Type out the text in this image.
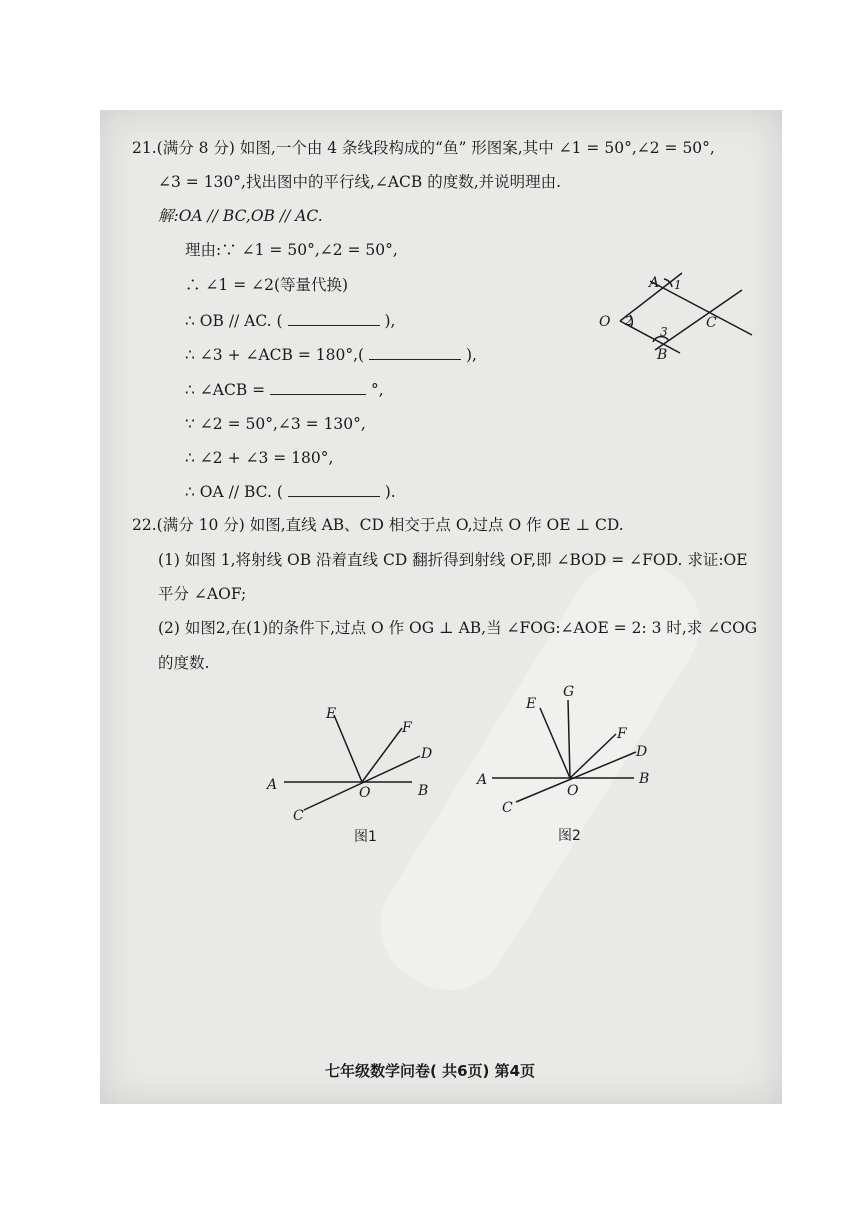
21.(满分 8 分) 如图,一个由 4 条线段构成的“鱼” 形图案,其中 ∠1 = 50°,∠2 = 50°,
∠3 = 130°,找出图中的平行线,∠ACB 的度数,并说明理由.
解:OA // BC,OB // AC.
理由:∵ ∠1 = 50°,∠2 = 50°,
∴ ∠1 = ∠2(等量代换)
∴ OB // AC. (	),
∴ ∠3 + ∠ACB = 180°,(	),
∴ ∠ACB =	°,
∵ ∠2 = 50°,∠3 = 130°,
∴ ∠2 + ∠3 = 180°,
∴ OA // BC. (	).
A 1
O 2	C
3
B
22.(满分 10 分) 如图,直线 AB、CD 相交于点 O,过点 O 作 OE ⊥ CD.
(1) 如图 1,将射线 OB 沿着直线 CD 翻折得到射线 OF,即 ∠BOD = ∠FOD. 求证:OE
平分 ∠AOF;
(2) 如图2,在(1)的条件下,过点 O 作 OG ⊥ AB,当 ∠FOG:∠AOE = 2: 3 时,求 ∠COG
的度数.
E
F
D
A	O	B
C
图1
E
G
F
D
A
O
B
C
图2
七年级数学问卷( 共6页) 第4页
